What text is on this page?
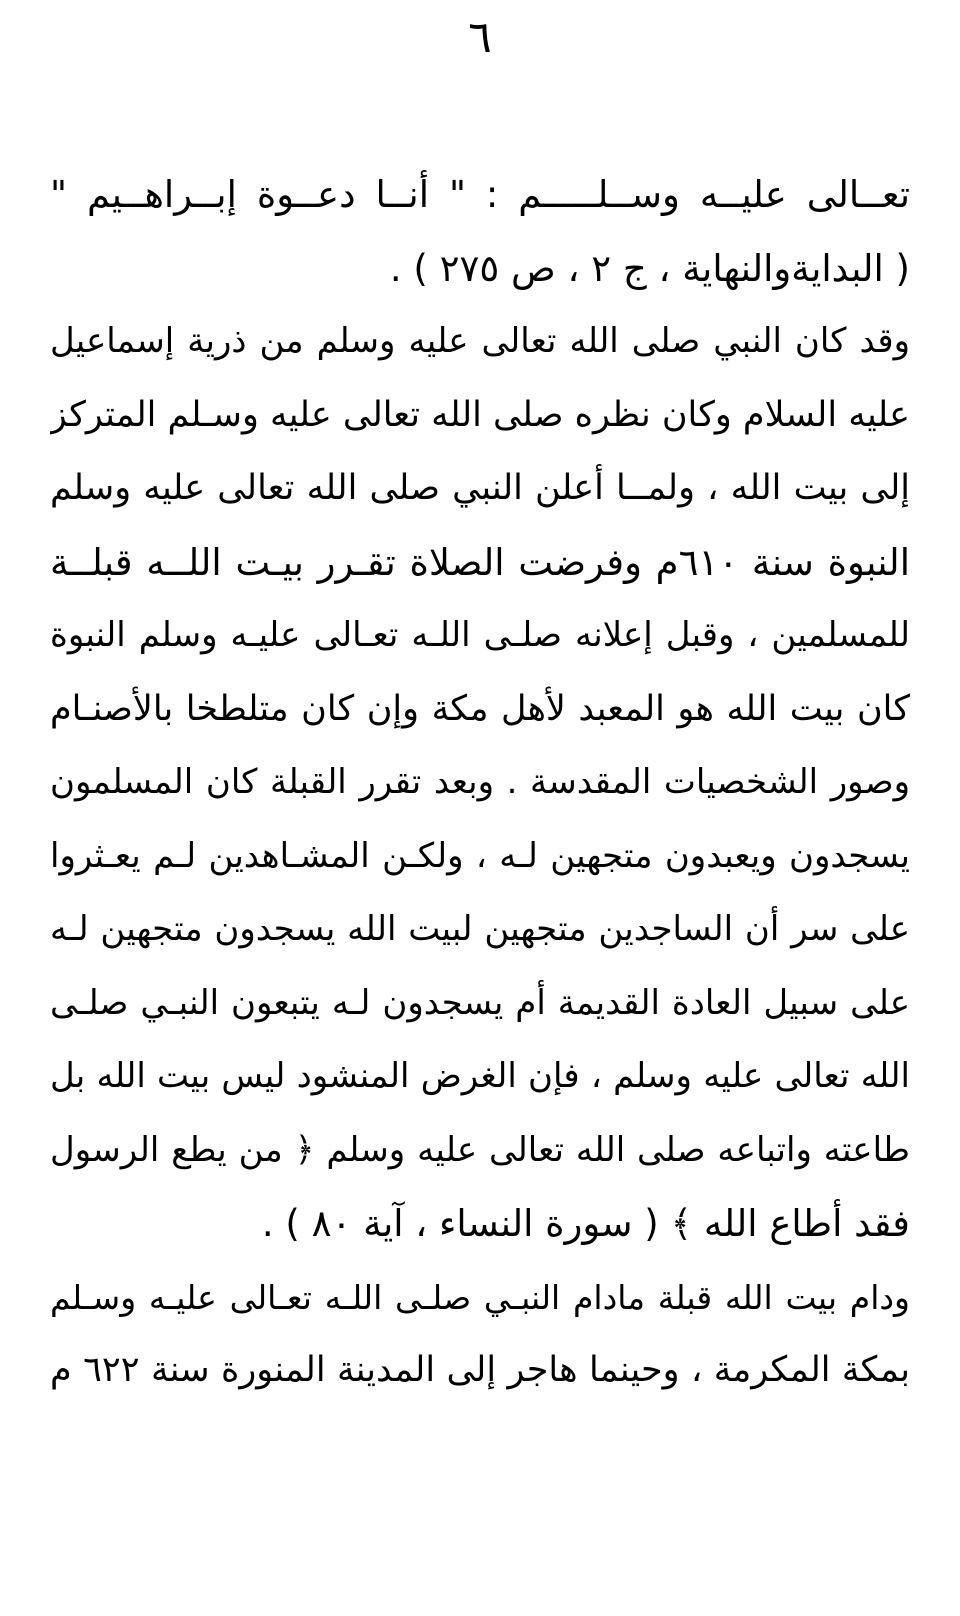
٦
تعــالى عليــه وســلـــــم : " أنــا دعــوة إبــراهــيم "
( البدايةوالنهاية ، ج ٢ ، ص ٢٧٥ ) .
وقد كان النبي صلى الله تعالى عليه وسلم من ذرية إسماعيل
عليه السلام وكان نظره صلى الله تعالى عليه وسـلم المتركز
إلى بيت الله ، ولمــا أعلن النبي صلى الله تعالى عليه وسلم
النبوة سنة ٦١٠م وفرضت الصلاة تقـرر بيـت اللــه قبلــة
للمسلمين ، وقبل إعلانه صلـى اللـه تعـالى عليـه وسلم النبوة
كان بيت الله هو المعبد لأهل مكة وإن كان متلطخا بالأصنـام
وصور الشخصيات المقدسة . وبعد تقرر القبلة كان المسلمون
يسجدون ويعبدون متجهين لـه ، ولكـن المشـاهدين لـم يعـثروا
على سر أن الساجدين متجهين لبيت الله يسجدون متجهين لـه
على سبيل العادة القديمة أم يسجدون لـه يتبعون النبـي صلـى
الله تعالى عليه وسلم ، فإن الغرض المنشود ليس بيت الله بل
طاعته واتباعه صلى الله تعالى عليه وسلم ﴿ من يطع الرسول
فقد أطاع الله ﴾ ( سورة النساء ، آية ٨٠ ) .
ودام بيت الله قبلة مادام النبـي صلـى اللـه تعـالى عليـه وسـلم
بمكة المكرمة ، وحينما هاجر إلى المدينة المنورة سنة ٦٢٢ م
